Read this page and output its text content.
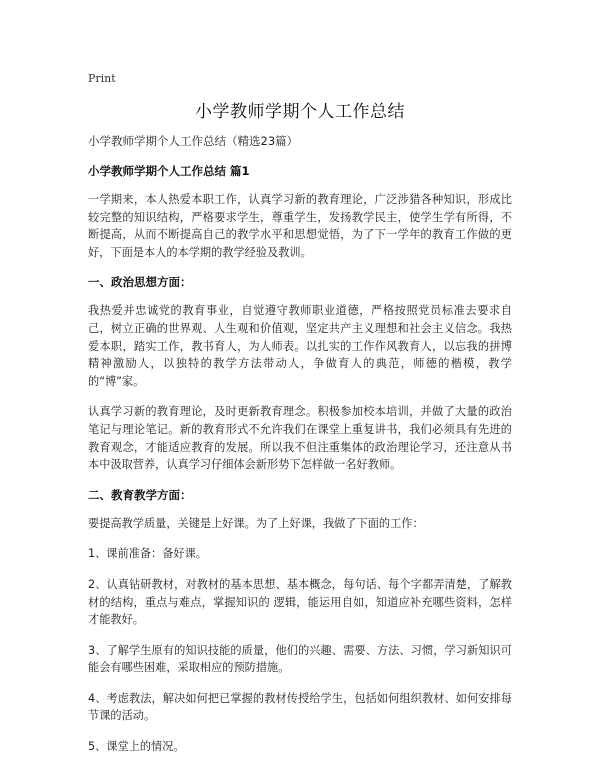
Print
小学教师学期个人工作总结

小学教师学期个人工作总结（精选23篇）

小学教师学期个人工作总结 篇1

一学期来，本人热爱本职工作，认真学习新的教育理论，广泛涉猎各种知识，形成比较完整的知识结构，严格要求学生，尊重学生，发扬教学民主，使学生学有所得，不断提高，从而不断提高自己的教学水平和思想觉悟，为了下一学年的教育工作做的更好，下面是本人的本学期的教学经验及教训。

一、政治思想方面：

我热爱并忠诚党的教育事业，自觉遵守教师职业道德，严格按照党员标准去要求自己，树立正确的世界观、人生观和价值观，坚定共产主义理想和社会主义信念。我热爱本职，踏实工作，教书育人，为人师表。以扎实的工作作风教育人，以忘我的拼博精神激励人，以独特的教学方法带动人，争做育人的典范，师德的楷模，教学的“博”家。

认真学习新的教育理论，及时更新教育理念。积极参加校本培训，并做了大量的政治笔记与理论笔记。新的教育形式不允许我们在课堂上重复讲书，我们必须具有先进的教育观念，才能适应教育的发展。所以我不但注重集体的政治理论学习，还注意从书本中汲取营养，认真学习仔细体会新形势下怎样做一名好教师。

二、教育教学方面：

要提高教学质量，关键是上好课。为了上好课，我做了下面的工作：

1、课前准备：备好课。

2、认真钻研教材，对教材的基本思想、基本概念，每句话、每个字都弄清楚，了解教材的结构，重点与难点，掌握知识的 逻辑，能运用自如，知道应补充哪些资料，怎样才能教好。

3、了解学生原有的知识技能的质量，他们的兴趣、需要、方法、习惯，学习新知识可能会有哪些困难，采取相应的预防措施。

4、考虑教法，解决如何把已掌握的教材传授给学生，包括如何组织教材、如何安排每节课的活动。

5、课堂上的情况。
